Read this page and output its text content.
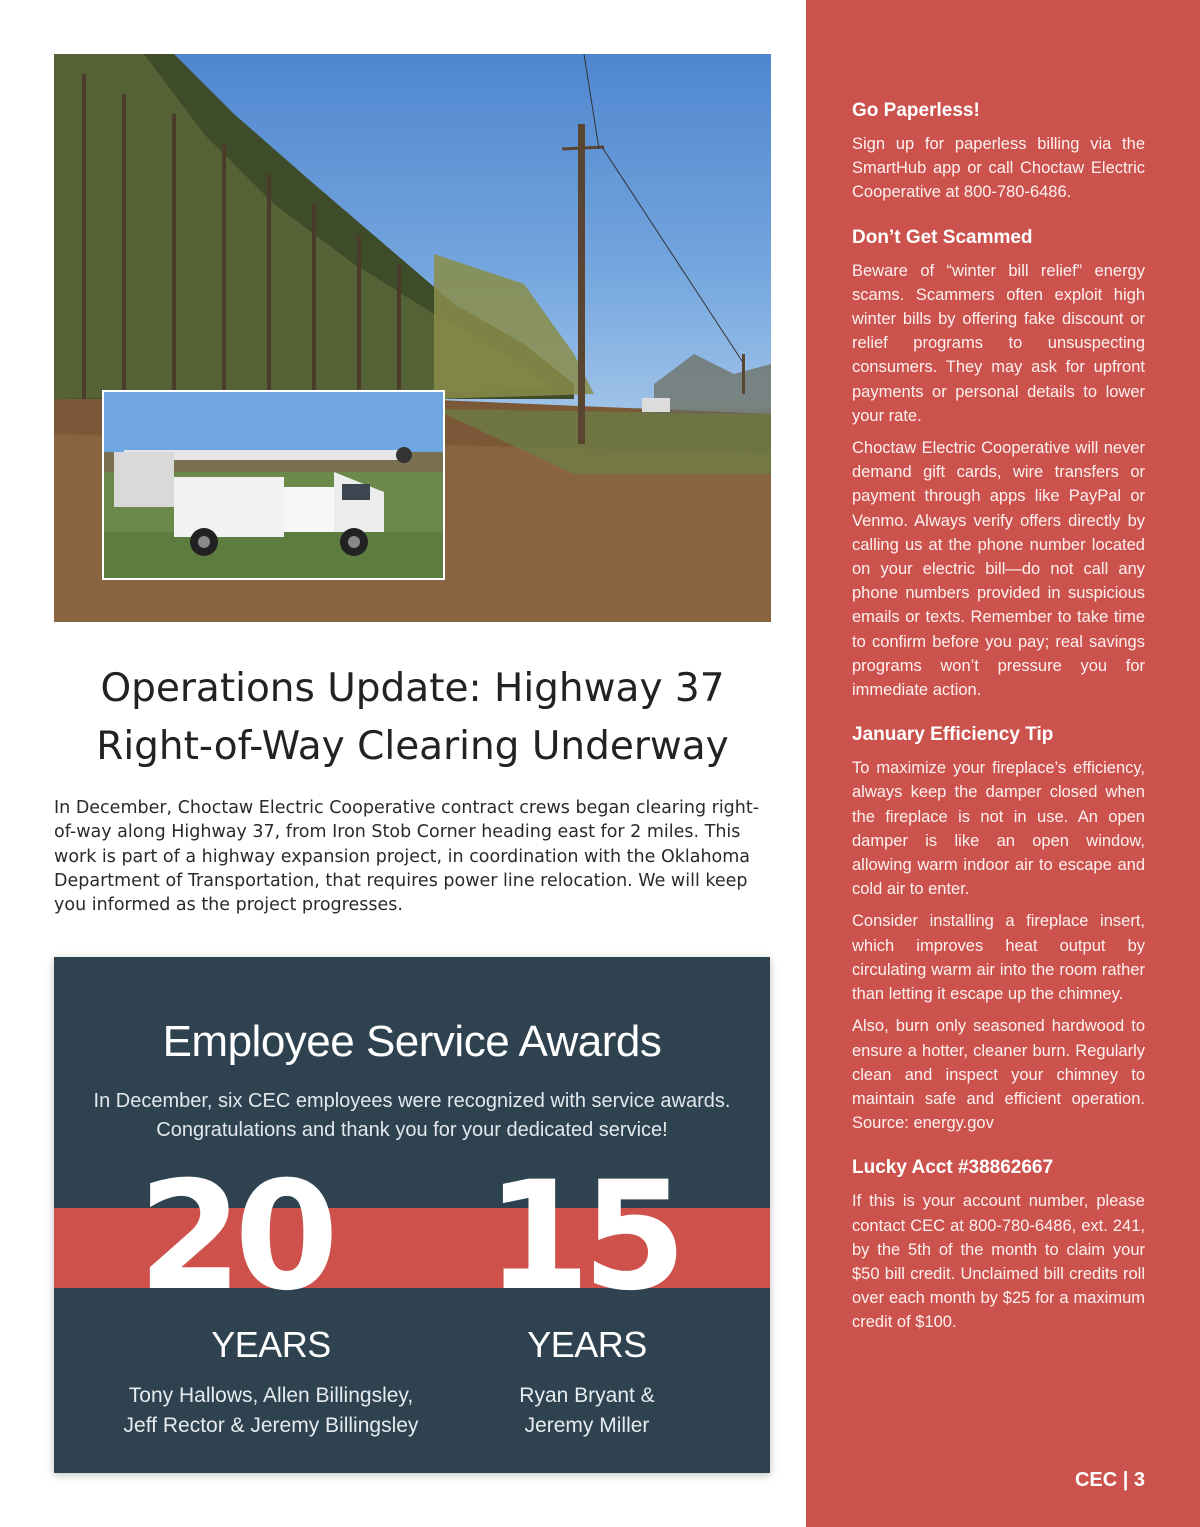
Operations Update: Highway 37
Right-of-Way Clearing Underway

In December, Choctaw Electric Cooperative contract crews began clearing right-of-way along Highway 37, from Iron Stob Corner heading east for 2 miles. This work is part of a highway expansion project, in coordination with the Oklahoma Department of Transportation, that requires power line relocation. We will keep you informed as the project progresses.

Employee Service Awards

In December, six CEC employees were recognized with service awards.
Congratulations and thank you for your dedicated service!

20 15
YEARS	YEARS
Tony Hallows, Allen Billingsley,
Jeff Rector & Jeremy Billingsley
Ryan Bryant &
Jeremy Miller
Go Paperless!

Sign up for paperless billing via the SmartHub app or call Choctaw Electric Cooperative at 800-780-6486.

Don’t Get Scammed

Beware of “winter bill relief” energy scams. Scammers often exploit high winter bills by offering fake discount or relief programs to unsuspecting consumers. They may ask for upfront payments or personal details to lower your rate.

Choctaw Electric Cooperative will never demand gift cards, wire transfers or payment through apps like PayPal or Venmo. Always verify offers directly by calling us at the phone number located on your electric bill—do not call any phone numbers provided in suspicious emails or texts. Remember to take time to confirm before you pay; real savings programs won’t pressure you for immediate action.

January Efficiency Tip

To maximize your fireplace’s efficiency, always keep the damper closed when the fireplace is not in use. An open damper is like an open window, allowing warm indoor air to escape and cold air to enter.

Consider installing a fireplace insert, which improves heat output by circulating warm air into the room rather than letting it escape up the chimney.

Also, burn only seasoned hardwood to ensure a hotter, cleaner burn. Regularly clean and inspect your chimney to maintain safe and efficient operation. Source: energy.gov

Lucky Acct #38862667

If this is your account number, please contact CEC at 800-780-6486, ext. 241, by the 5th of the month to claim your $50 bill credit. Unclaimed bill credits roll over each month by $25 for a maximum credit of $100.

CEC | 3
